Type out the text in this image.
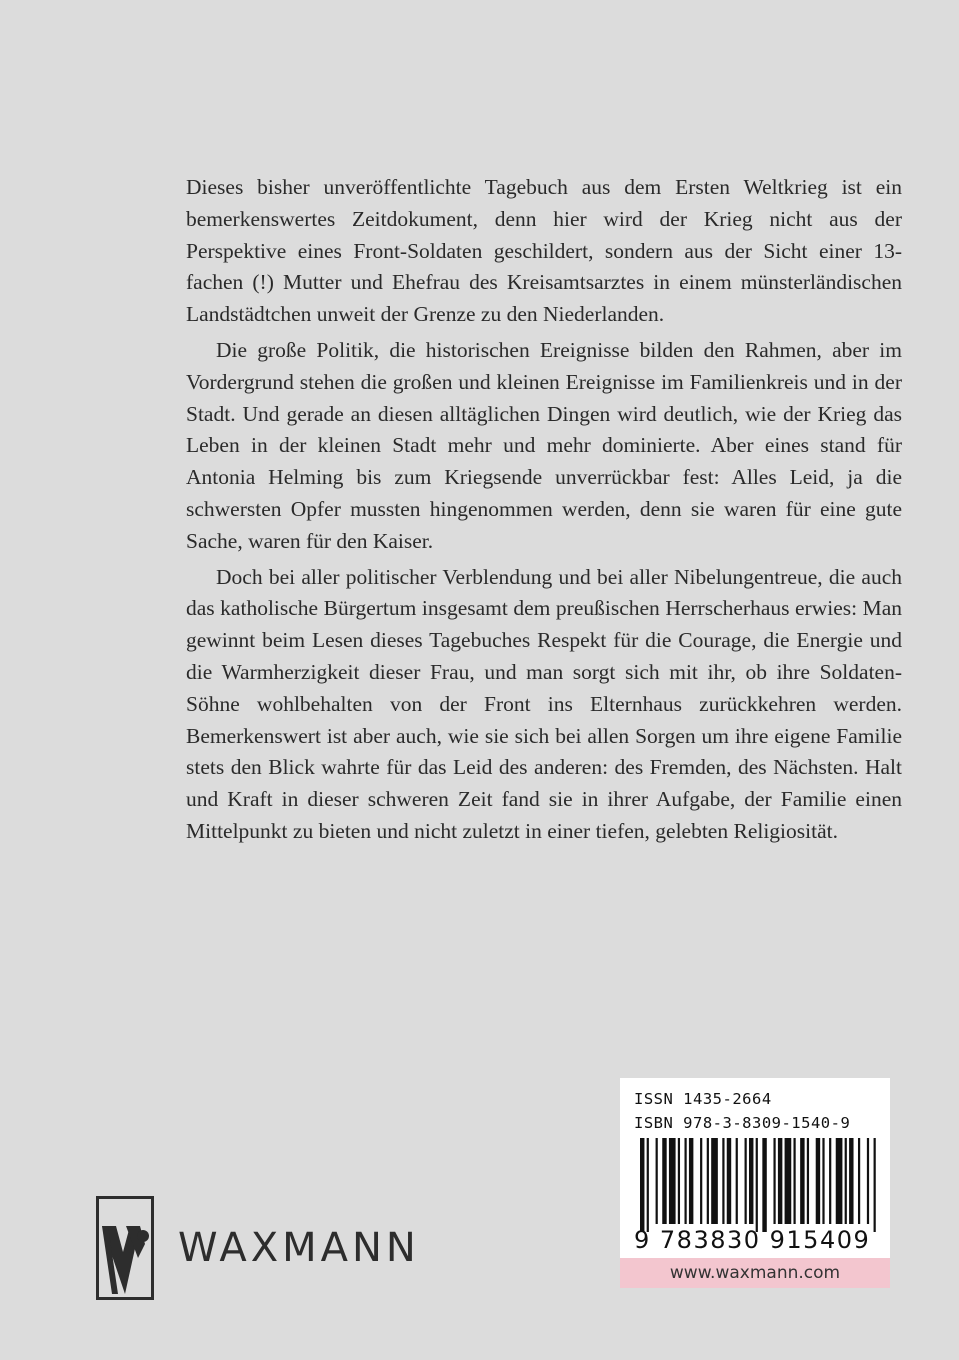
Dieses bisher unveröffentlichte Tagebuch aus dem Ersten Weltkrieg ist ein bemerkenswertes Zeitdokument, denn hier wird der Krieg nicht aus der Perspektive eines Front-Soldaten geschildert, sondern aus der Sicht einer 13-fachen (!) Mutter und Ehefrau des Kreisamtsarztes in einem münsterländischen Landstädtchen unweit der Grenze zu den Niederlanden.

Die große Politik, die historischen Ereignisse bilden den Rahmen, aber im Vordergrund stehen die großen und kleinen Ereignisse im Familienkreis und in der Stadt. Und gerade an diesen alltäglichen Dingen wird deutlich, wie der Krieg das Leben in der kleinen Stadt mehr und mehr dominierte. Aber eines stand für Antonia Helming bis zum Kriegsende unverrückbar fest: Alles Leid, ja die schwersten Opfer mussten hingenommen werden, denn sie waren für eine gute Sache, waren für den Kaiser.

Doch bei aller politischer Verblendung und bei aller Nibelungentreue, die auch das katholische Bürgertum insgesamt dem preußischen Herrscherhaus erwies: Man gewinnt beim Lesen dieses Tagebuches Respekt für die Courage, die Energie und die Warmherzigkeit dieser Frau, und man sorgt sich mit ihr, ob ihre Soldaten-Söhne wohlbehalten von der Front ins Elternhaus zurückkehren werden. Bemerkenswert ist aber auch, wie sie sich bei allen Sorgen um ihre eigene Familie stets den Blick wahrte für das Leid des anderen: des Fremden, des Nächsten. Halt und Kraft in dieser schweren Zeit fand sie in ihrer Aufgabe, der Familie einen Mittelpunkt zu bieten und nicht zuletzt in einer tiefen, gelebten Religiosität.

WAXMANN
ISSN 1435-2664
ISBN 978-3-8309-1540-9
9 783830 915409
www.waxmann.com
